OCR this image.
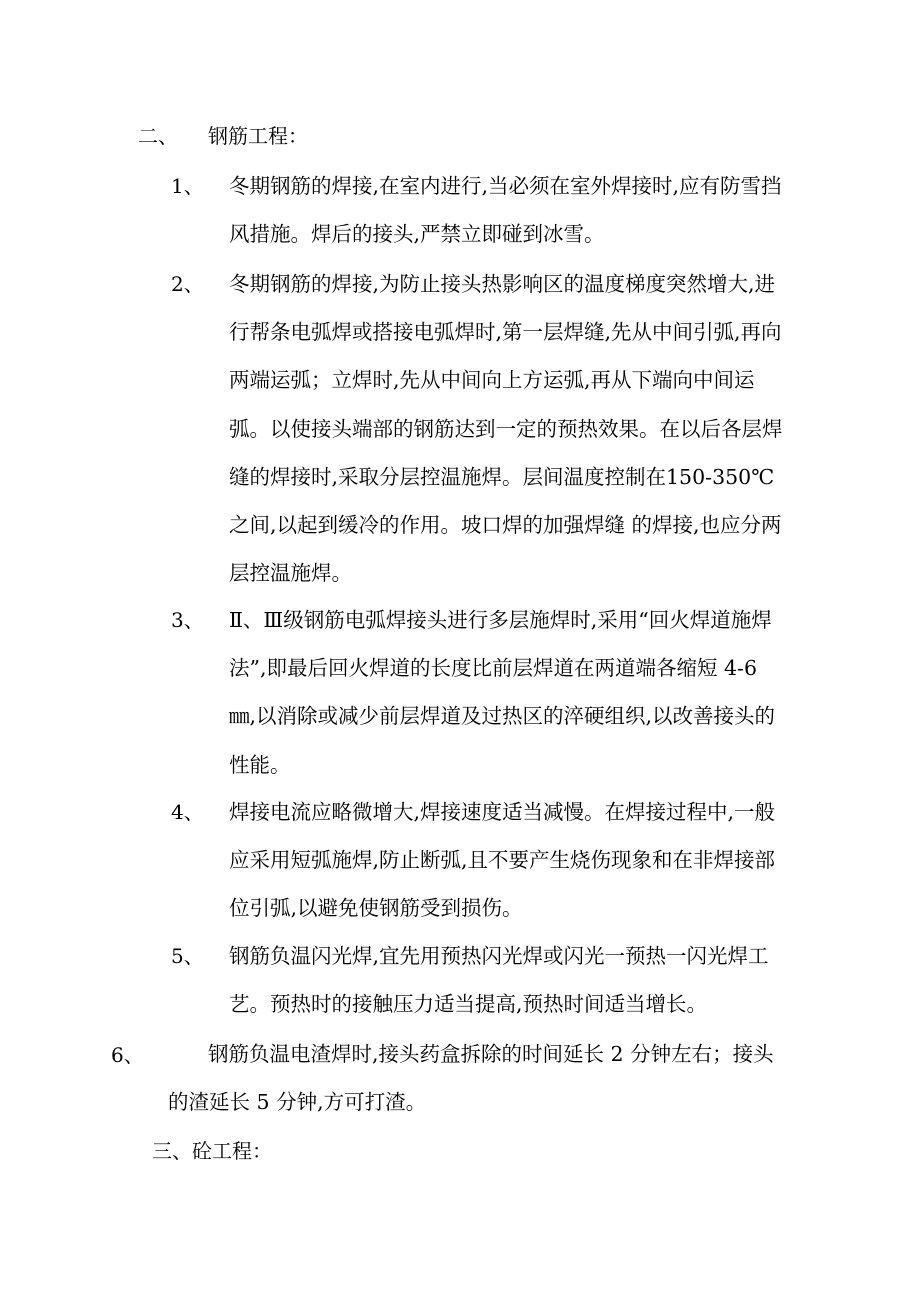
二、 钢筋工程：
1、 冬期钢筋的焊接,在室内进行,当必须在室外焊接时,应有防雪挡风措施。焊后的接头,严禁立即碰到冰雪。

2、 冬期钢筋的焊接,为防止接头热影响区的温度梯度突然增大,进行帮条电弧焊或搭接电弧焊时,第一层焊缝,先从中间引弧,再向两端运弧；立焊时,先从中间向上方运弧,再从下端向中间运弧。以使接头端部的钢筋达到一定的预热效果。在以后各层焊缝的焊接时,采取分层控温施焊。层间温度控制在150-350℃之间,以起到缓冷的作用。坡口焊的加强焊缝 的焊接,也应分两层控温施焊。

3、 Ⅱ、Ⅲ级钢筋电弧焊接头进行多层施焊时,采用“回火焊道施焊法”,即最后回火焊道的长度比前层焊道在两道端各缩短 4-6㎜,以消除或减少前层焊道及过热区的淬硬组织,以改善接头的性能。

4、 焊接电流应略微增大,焊接速度适当减慢。在焊接过程中,一般应采用短弧施焊,防止断弧,且不要产生烧伤现象和在非焊接部位引弧,以避免使钢筋受到损伤。

5、 钢筋负温闪光焊,宜先用预热闪光焊或闪光一预热一闪光焊工艺。预热时的接触压力适当提高,预热时间适当增长。

6、	钢筋负温电渣焊时,接头药盒拆除的时间延长 2 分钟左右；接头的渣延长 5 分钟,方可打渣。

三、砼工程：
